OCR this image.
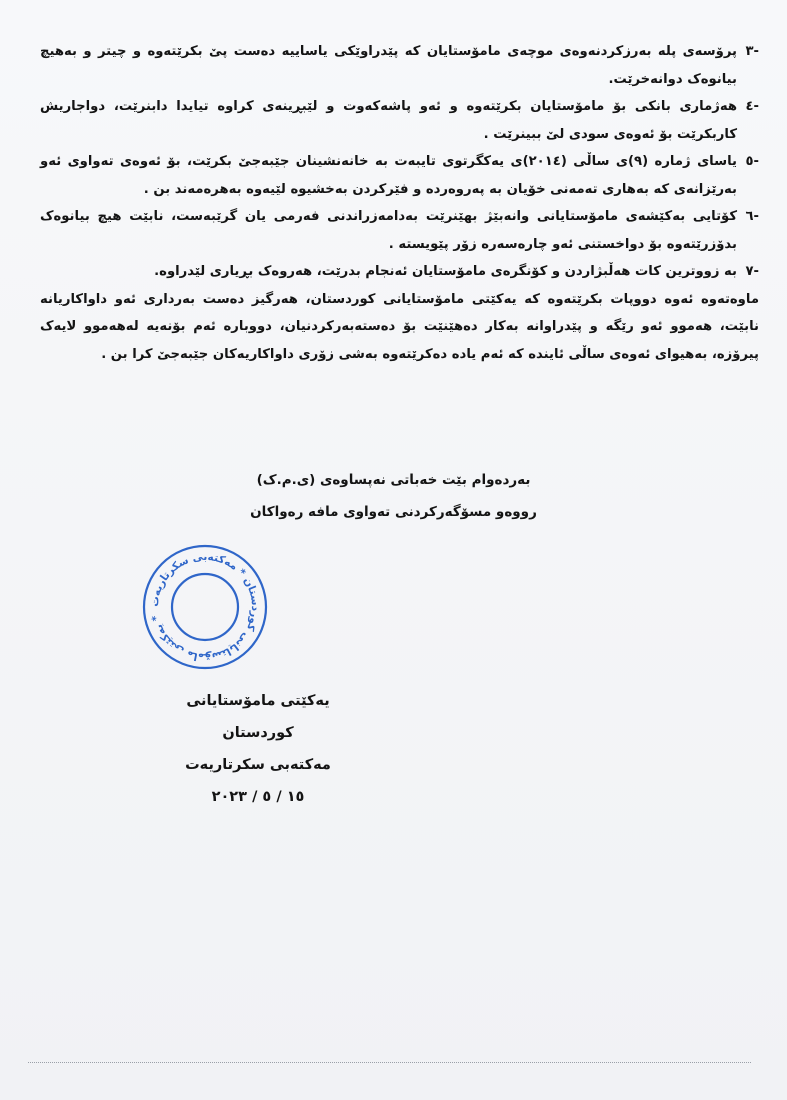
-٣
پرۆسەی پلە بەرزکردنەوەی موچەی مامۆستایان کە پێدراوێکی یاساییە دەست پێ بکرێتەوە و چیتر و بەهیچ بیانوەک دوانەخرێت.
-٤
هەژماری بانکی بۆ مامۆستایان بکرێتەوە و ئەو پاشەکەوت و لێبڕینەی کراوە تیایدا دابنرێت، دواجاریش کاربکرێت بۆ ئەوەی سودی لێ ببینرێت .
-٥
یاسای ژمارە (٩)ی ساڵی (٢٠١٤)ی یەکگرتوی تایبەت بە خانەنشینان جێبەجێ بکرێت، بۆ ئەوەی تەواوی ئەو بەرێزانەی کە بەهاری تەمەنی خۆیان بە پەروەردە و فێرکردن بەخشیوە لێیەوە بەهرەمەند بن .
-٦
کۆتایی بەکێشەی مامۆستایانی وانەبێژ بهێنرێت بەدامەزراندنی فەرمی یان گرێبەست، نابێت هیچ بیانوەک بدۆزرێتەوە بۆ دواخستنی ئەو چارەسەرە زۆر پێویستە .
-٧
بە زووترین کات هەڵبژاردن و کۆنگرەی مامۆستایان ئەنجام بدرێت، هەروەک بڕیاری لێدراوە.

ماوەتەوە ئەوە دووپات بکرێتەوە کە یەکێتی مامۆستایانی کوردستان، هەرگیز دەست بەرداری ئەو داواکاریانە نابێت، هەموو ئەو رێگە و پێدراوانە بەکار دەهێنێت بۆ دەستەبەرکردنیان، دووبارە ئەم بۆنەیە لەهەموو لایەک پیرۆزە، بەهیوای ئەوەی ساڵی ئایندە کە ئەم یادە دەکرێتەوە بەشی زۆری داواکاریەکان جێبەجێ کرا بن .

بەردەوام بێت خەباتی نەپساوەی (ی.م.ک)
رووەو مسۆگەرکردنی تەواوی مافە رەواکان
یەکێتی مامۆستایانی کوردستان * مەکتەبی سکرتاریەت *
یەکێتی مامۆستایانی کوردستان
مەکتەبی سکرتاریەت
١٥ / ٥ / ٢٠٢٣
